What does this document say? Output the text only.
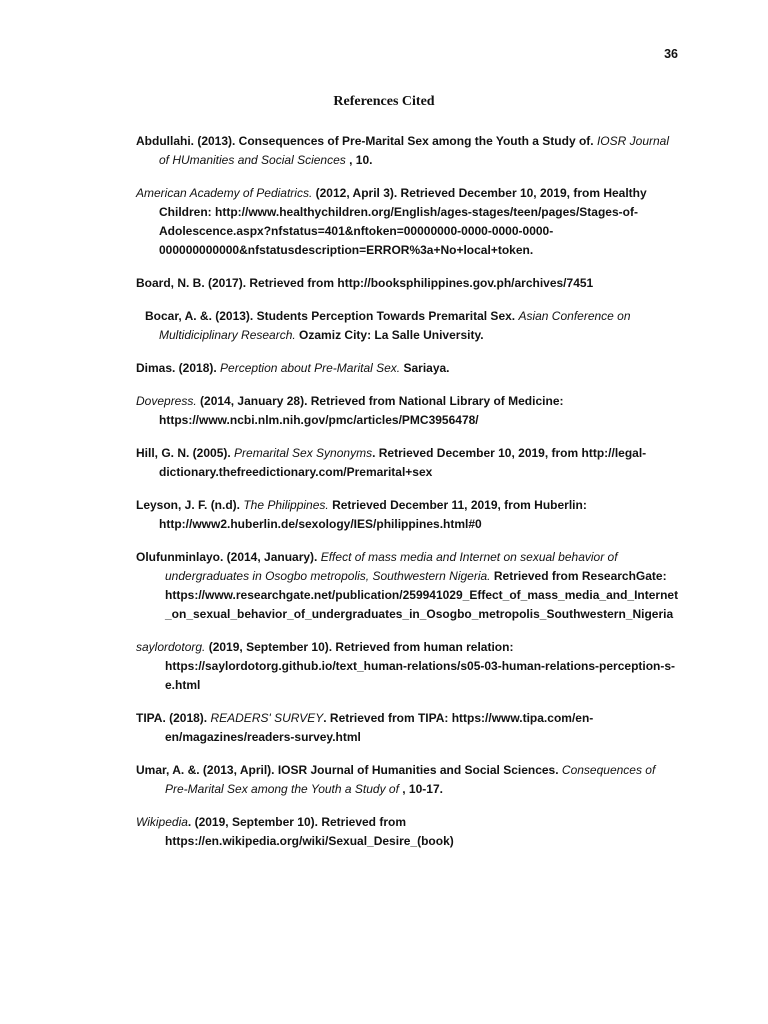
36
References Cited

Abdullahi. (2013). Consequences of Pre-Marital Sex among the Youth a Study of. IOSR Journal of HUmanities and Social Sciences , 10.

American Academy of Pediatrics. (2012, April 3). Retrieved December 10, 2019, from Healthy Children: http://www.healthychildren.org/English/ages-stages/teen/pages/Stages-of-Adolescence.aspx?nfstatus=401&nftoken=00000000-0000-0000-0000-000000000000&nfstatusdescription=ERROR%3a+No+local+token.

Board, N. B. (2017). Retrieved from http://booksphilippines.gov.ph/archives/7451

Bocar, A. &. (2013). Students Perception Towards Premarital Sex. Asian Conference on Multidiciplinary Research. Ozamiz City: La Salle University.

Dimas. (2018). Perception about Pre-Marital Sex. Sariaya.

Dovepress. (2014, January 28). Retrieved from National Library of Medicine: https://www.ncbi.nlm.nih.gov/pmc/articles/PMC3956478/

Hill, G. N. (2005). Premarital Sex Synonyms. Retrieved December 10, 2019, from http://legal-dictionary.thefreedictionary.com/Premarital+sex

Leyson, J. F. (n.d). The Philippines. Retrieved December 11, 2019, from Huberlin: http://www2.huberlin.de/sexology/IES/philippines.html#0

Olufunminlayo. (2014, January). Effect of mass media and Internet on sexual behavior of undergraduates in Osogbo metropolis, Southwestern Nigeria. Retrieved from ResearchGate: https://www.researchgate.net/publication/259941029_Effect_of_mass_media_and_Internet_on_sexual_behavior_of_undergraduates_in_Osogbo_metropolis_Southwestern_Nigeria

saylordotorg. (2019, September 10). Retrieved from human relation: https://saylordotorg.github.io/text_human-relations/s05-03-human-relations-perception-s-e.html

TIPA. (2018). READERS' SURVEY. Retrieved from TIPA: https://www.tipa.com/en-en/magazines/readers-survey.html

Umar, A. &. (2013, April). IOSR Journal of Humanities and Social Sciences. Consequences of Pre-Marital Sex among the Youth a Study of , 10-17.

Wikipedia. (2019, September 10). Retrieved from https://en.wikipedia.org/wiki/Sexual_Desire_(book)
